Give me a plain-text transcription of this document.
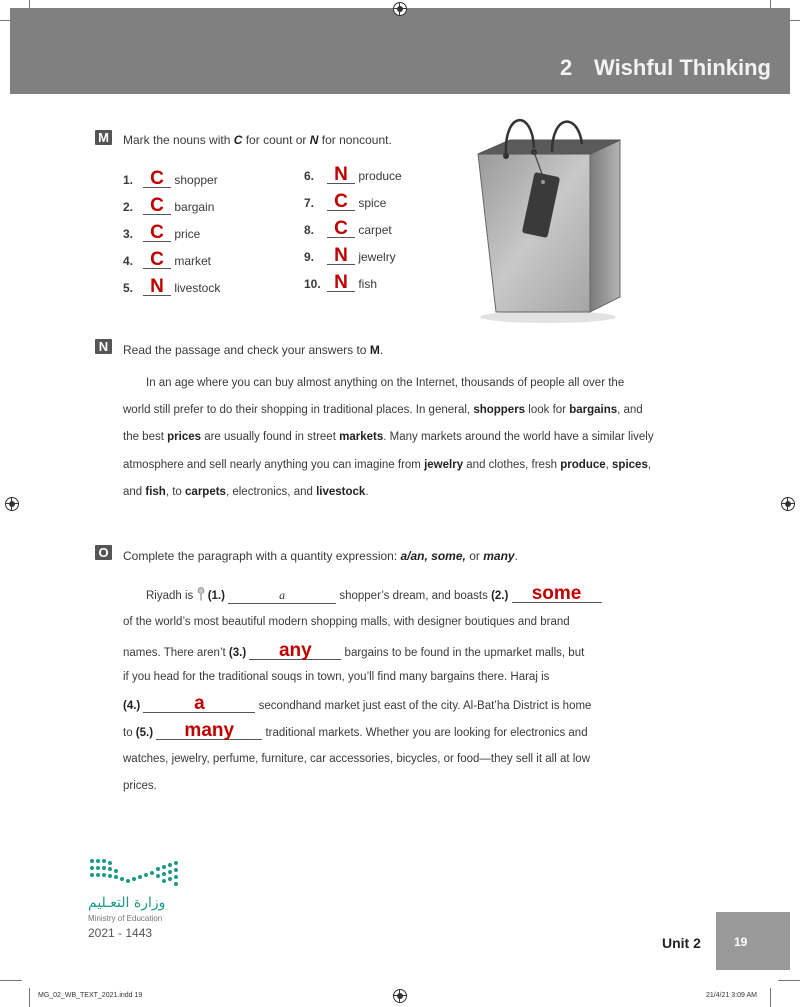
2 Wishful Thinking
M Mark the nouns with C for count or N for noncount.
1. C shopper
2. C bargain
3. C price
4. C market
5. N livestock
6. N produce
7. C spice
8. C carpet
9. N jewelry
10. N fish
N	Read the passage and check your answers to M.
In an age where you can buy almost anything on the Internet, thousands of people all over the
world still prefer to do their shopping in traditional places. In general, shoppers look for bargains, and
the best prices are usually found in street markets. Many markets around the world have a similar lively
atmosphere and sell nearly anything you can imagine from jewelry and clothes, fresh produce, spices,
and fish, to carpets, electronics, and livestock.
O Complete the paragraph with a quantity expression: a/an, some, or many.
Riyadh is  (1.)	a	shopper’s dream, and boasts (2.) some
of the world’s most beautiful modern shopping malls, with designer boutiques and brand
names. There aren’t (3.) any	bargains to be found in the upmarket malls, but
if you head for the traditional souqs in town, you’ll find many bargains there. Haraj is
(4.)	a	secondhand market just east of the city. Al-Bat’ha District is home
to (5.) many traditional markets. Whether you are looking for electronics and
watches, jewelry, perfume, furniture, car accessories, bicycles, or food—they sell it all at low
prices.
وزارة التعـليم
Ministry of Education
2021 - 1443
Unit 2	19
MG_02_WB_TEXT_2021.indd 19	21/4/21 3:09 AM
